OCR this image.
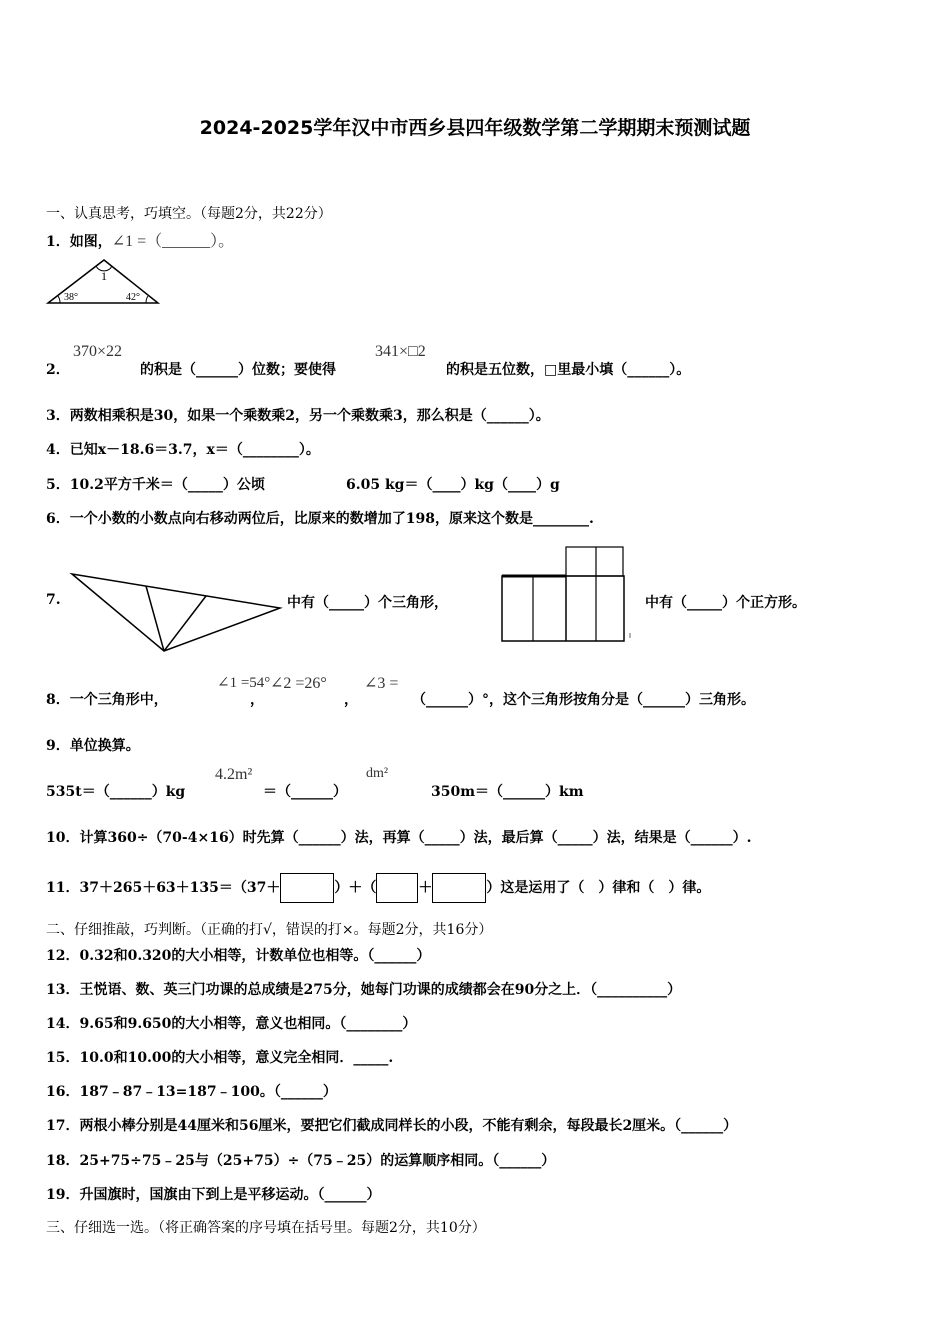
2024-2025学年汉中市西乡县四年级数学第二学期期末预测试题
一、认真思考，巧填空。（每题2分，共22分）
1．如图，∠1 =（______）。
1
38°	42°
2．
370×22
的积是（______）位数；要使得
341×□2
的积是五位数，□里最小填（______）。
3．两数相乘积是30，如果一个乘数乘2，另一个乘数乘3，那么积是（______）。
4．已知x－18.6＝3.7，x＝（________）。
5．10.2平方千米＝（_____）公顷	6.05 kg＝（____）kg（____）g
6．一个小数的小数点向右移动两位后，比原来的数增加了198，原来这个数是________.
7.	中有（_____）个三角形，	中有（_____）个正方形。
8．一个三角形中，
∠1 =54°
，
∠2 =26°
，
∠3 =
（______）°，这个三角形按角分是（______）三角形。
9．单位换算。
535t＝（______）kg
4.2m²
＝（______）
dm²
350m＝（______）km
10．计算360÷（70-4×16）时先算（______）法，再算（_____）法，最后算（_____）法，结果是（______）.
11．37＋265＋63＋135＝（37＋	）＋（	＋	）这是运用了（　）律和（　）律。
二、仔细推敲，巧判断。（正确的打√，错误的打×。每题2分，共16分）
12．0.32和0.320的大小相等，计数单位也相等。（______）
13．王悦语、数、英三门功课的总成绩是275分，她每门功课的成绩都会在90分之上．（__________）
14．9.65和9.650的大小相等，意义也相同。（________）
15．10.0和10.00的大小相等，意义完全相同．_____.
16．187﹣87﹣13=187﹣100。（______）
17．两根小棒分别是44厘米和56厘米，要把它们截成同样长的小段，不能有剩余，每段最长2厘米。（______）
18．25+75÷75﹣25与（25+75）÷（75﹣25）的运算顺序相同。（______）
19．升国旗时，国旗由下到上是平移运动。（______）
三、仔细选一选。（将正确答案的序号填在括号里。每题2分，共10分）
